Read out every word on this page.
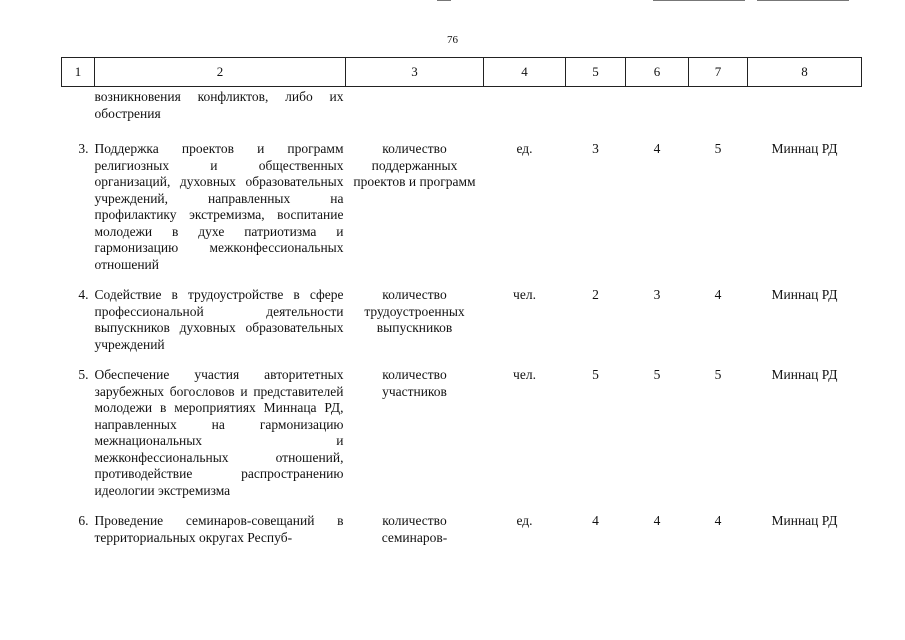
76
1	2	3	4	5	6	7	8
	возникновения конфликтов, либо их обострения						
3.	Поддержка проектов и программ религиозных и общественных организаций, духовных образовательных учреждений, направленных на профилактику экстремизма, воспитание молодежи в духе патриотизма и гармонизацию межконфессиональных отношений	количество поддержанных проектов и программ	ед.	3	4	5	Миннац РД
4.	Содействие в трудоустройстве в сфере профессиональной деятельности выпускников духовных образовательных учреждений	количество трудоустроенных выпускников	чел.	2	3	4	Миннац РД
5.	Обеспечение участия авторитетных зарубежных богословов и представителей молодежи в мероприятиях Миннаца РД, направленных на гармонизацию межнациональных и межконфессиональных отношений, противодействие распространению идеологии экстремизма	количество участников	чел.	5	5	5	Миннац РД
6.	Проведение семинаров-совещаний в территориальных округах Респуб-	количество семинаров-	ед.	4	4	4	Миннац РД
